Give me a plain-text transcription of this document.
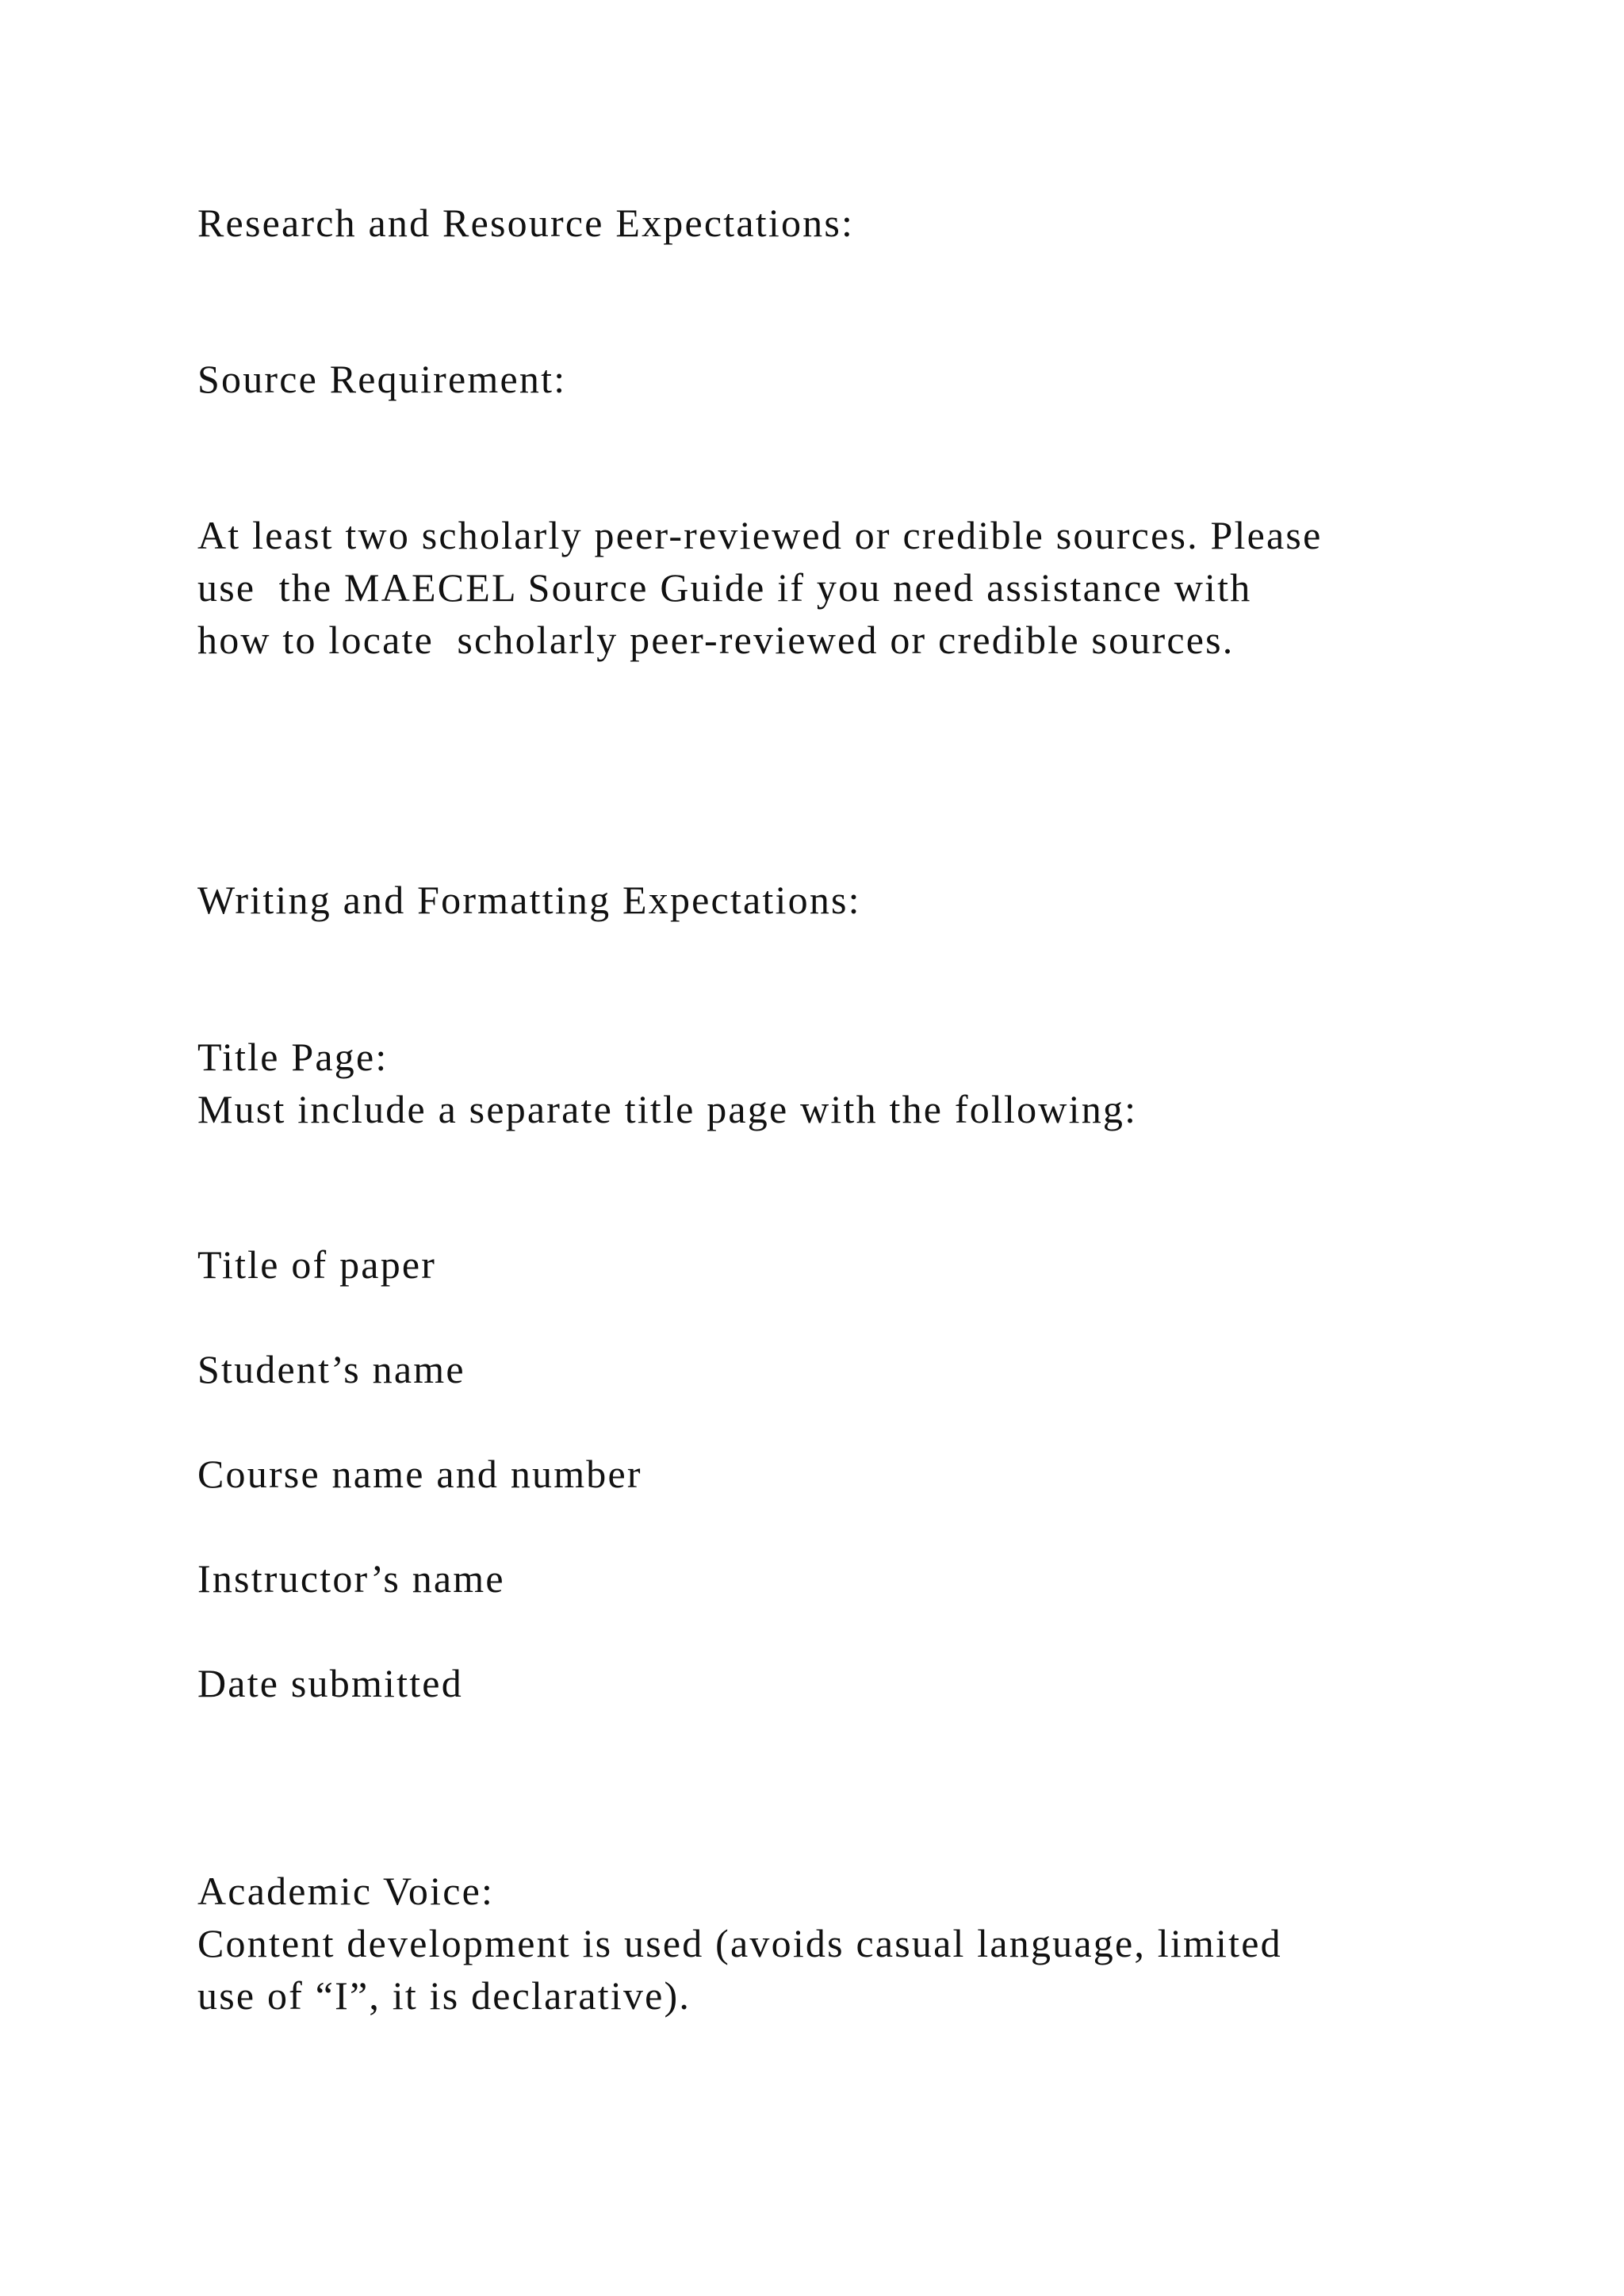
Research and Resource Expectations:

Source Requirement:

At least two scholarly peer-reviewed or credible sources. Please
use  the MAECEL Source Guide if you need assistance with
how to locate  scholarly peer-reviewed or credible sources.

Writing and Formatting Expectations:

Title Page:
Must include a separate title page with the following:

Title of paper

Student’s name

Course name and number

Instructor’s name

Date submitted

Academic Voice:
Content development is used (avoids casual language, limited
use of “I”, it is declarative).
